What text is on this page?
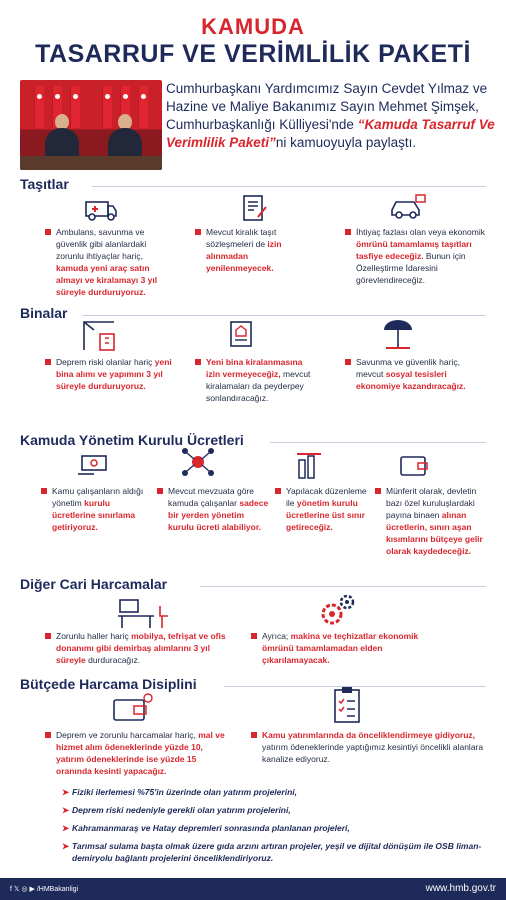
KAMUDA
TASARRUF VE VERİMLİLİK PAKETİ
Cumhurbaşkanı Yardımcımız Sayın Cevdet Yılmaz ve Hazine ve Maliye Bakanımız Sayın Mehmet Şimşek, Cumhurbaşkanlığı Külliyesi'nde “Kamuda Tasarruf Ve Verimlilik Paketi”ni kamuoyuyla paylaştı.
Taşıtlar
Ambulans, savunma ve güvenlik gibi alanlardaki zorunlu ihtiyaçlar hariç, kamuda yeni araç satın almayı ve kiralamayı 3 yıl süreyle durduruyoruz.
Mevcut kiralık taşıt sözleşmeleri de izin alınmadan yenilenmeyecek.
İhtiyaç fazlası olan veya ekonomik ömrünü tamamlamış taşıtları tasfiye edeceğiz. Bunun için Özelleştirme İdaresini görevlendireceğiz.
Binalar
Deprem riski olanlar hariç yeni bina alımı ve yapımını 3 yıl süreyle durduruyoruz.
Yeni bina kiralanmasına izin vermeyeceğiz, mevcut kiralamaları da peyderpey sonlandıracağız.
Savunma ve güvenlik hariç, mevcut sosyal tesisleri ekonomiye kazandıracağız.
Kamuda Yönetim Kurulu Ücretleri
Kamu çalışanların aldığı yönetim kurulu ücretlerine sınırlama getiriyoruz.
Mevcut mevzuata göre kamuda çalışanlar sadece bir yerden yönetim kurulu ücreti alabiliyor.
Yapılacak düzenleme ile yönetim kurulu ücretlerine üst sınır getireceğiz.
Münferit olarak, devletin bazı özel kuruluşlardaki payına binaen alınan ücretlerin, sınırı aşan kısımlarını bütçeye gelir olarak kaydedeceğiz.
Diğer Cari Harcamalar
Zorunlu haller hariç mobilya, tefrişat ve ofis donanımı gibi demirbaş alımlarını 3 yıl süreyle durduracağız.
Ayrıca; makina ve teçhizatlar ekonomik ömrünü tamamlamadan elden çıkarılamayacak.
Bütçede Harcama Disiplini
Deprem ve zorunlu harcamalar hariç, mal ve hizmet alım ödeneklerinde yüzde 10, yatırım ödeneklerinde ise yüzde 15 oranında kesinti yapacağız.
Kamu yatırımlarında da önceliklendirmeye gidiyoruz, yatırım ödeneklerinde yaptığımız kesintiyi öncelikli alanlara kanalize ediyoruz.
➤ Fiziki ilerlemesi %75'in üzerinde olan yatırım projelerini,
➤ Deprem riski nedeniyle gerekli olan yatırım projelerini,
➤ Kahramanmaraş ve Hatay depremleri sonrasında planlanan projeleri,
➤ Tarımsal sulama başta olmak üzere gıda arzını artıran projeler, yeşil ve dijital dönüşüm ile OSB liman-demiryolu bağlantı projelerini önceliklendiriyoruz.
f 𝕏 ◎ ▶ /HMBakanligi	www.hmb.gov.tr
